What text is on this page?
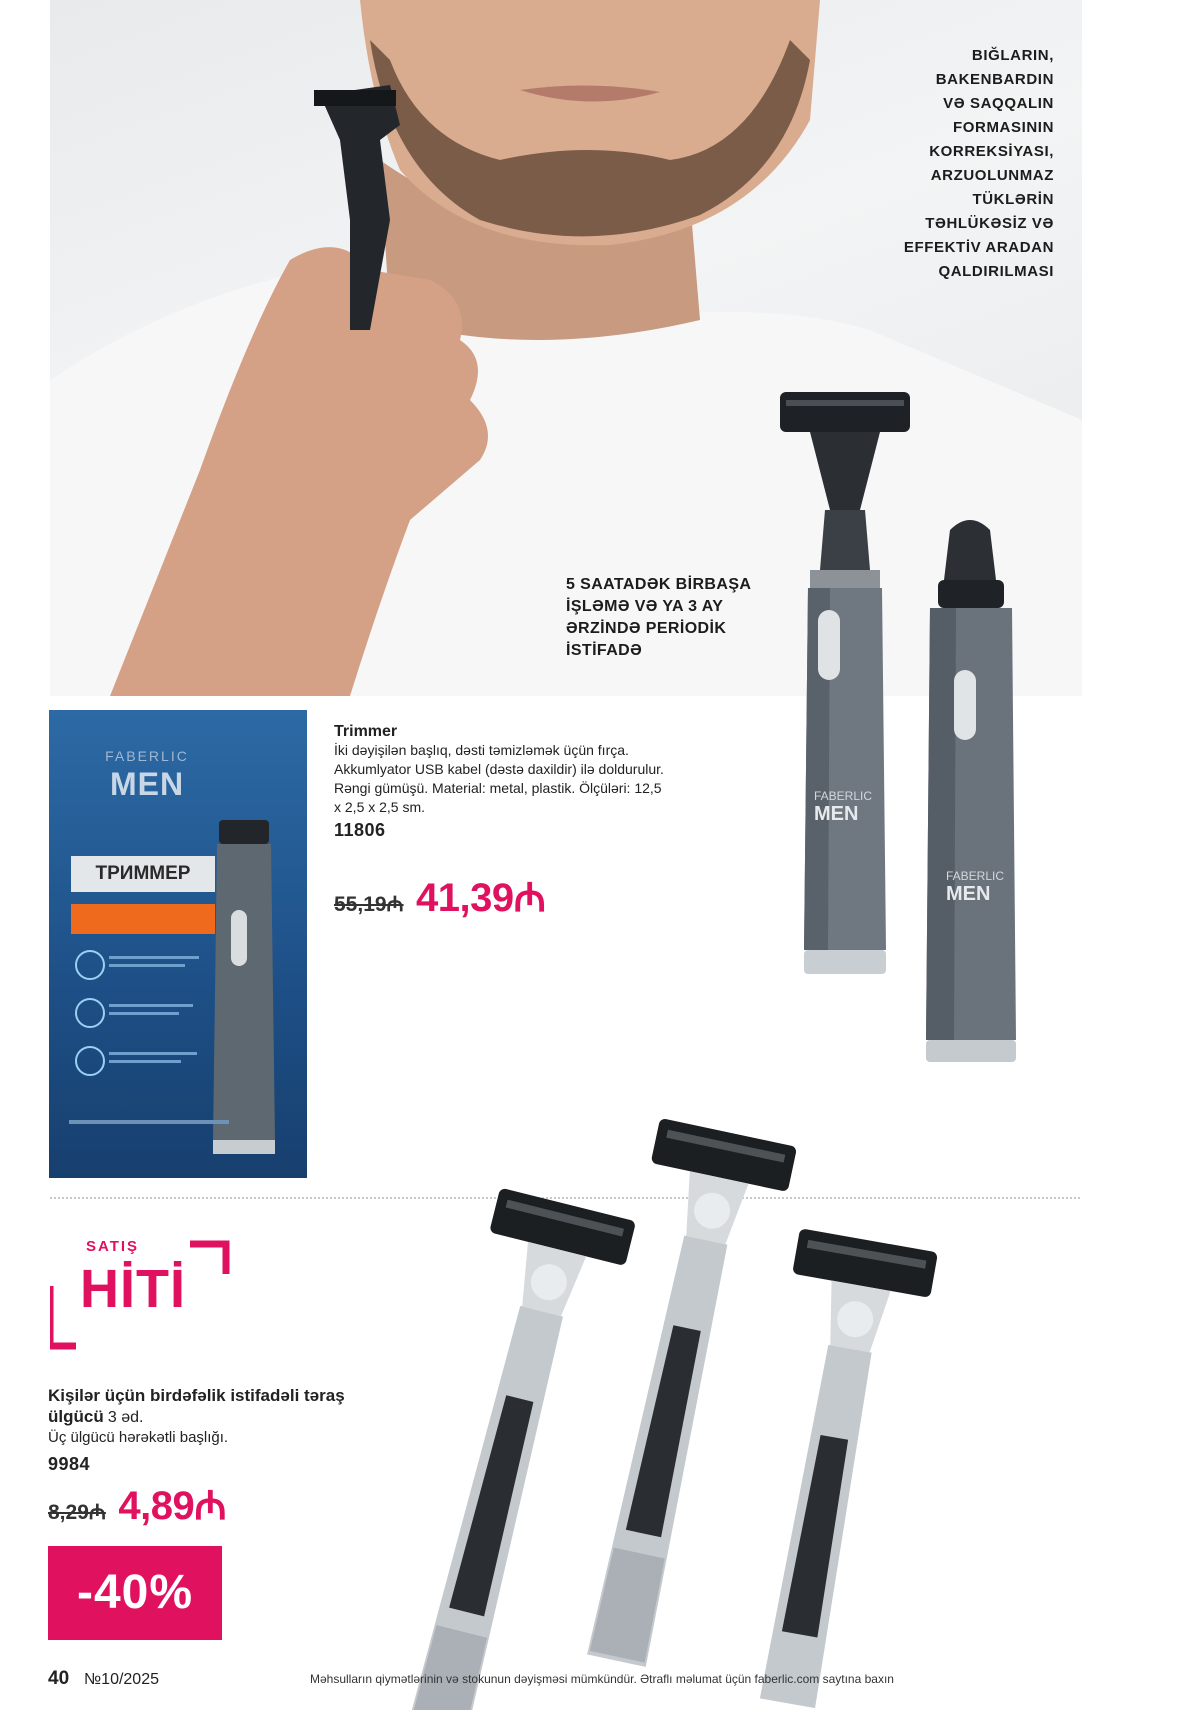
BIĞLARIN,
BAKENBARDIN
VƏ SAQQALIN
FORMASININ
KORREKSİYASI,
ARZUOLUNMAZ
TÜKLƏRİN
TƏHLÜKƏSİZ VƏ
EFFEKTİV ARADAN
QALDIRILMASI
5 SAATADƏK BİRBAŞA
İŞLƏMƏ VƏ YA 3 AY
ƏRZİNDƏ PERİODİK
İSTİFADƏ
FABERLIC
MEN
ТРИММЕР
Trimmer
İki dəyişilən başlıq, dəsti təmizləmək üçün fırça. Akkumlyator USB kabel (dəstə daxildir) ilə doldurulur. Rəngi gümüşü. Material: metal, plastik. Ölçüləri: 12,5 x 2,5 x 2,5 sm.
11806
55,19₼ 41,39₼
FABERLIC
MEN
FABERLIC
MEN
SATIŞ
HİTİ
Kişilər üçün birdəfəlik istifadəli təraş ülgücü 3 əd.
Üç ülgücü hərəkətli başlığı.
9984
8,29₼ 4,89₼
-40%
40 №10/2025	Məhsulların qiymətlərinin və stokunun dəyişməsi mümkündür. Ətraflı məlumat üçün faberlic.com saytına baxın
